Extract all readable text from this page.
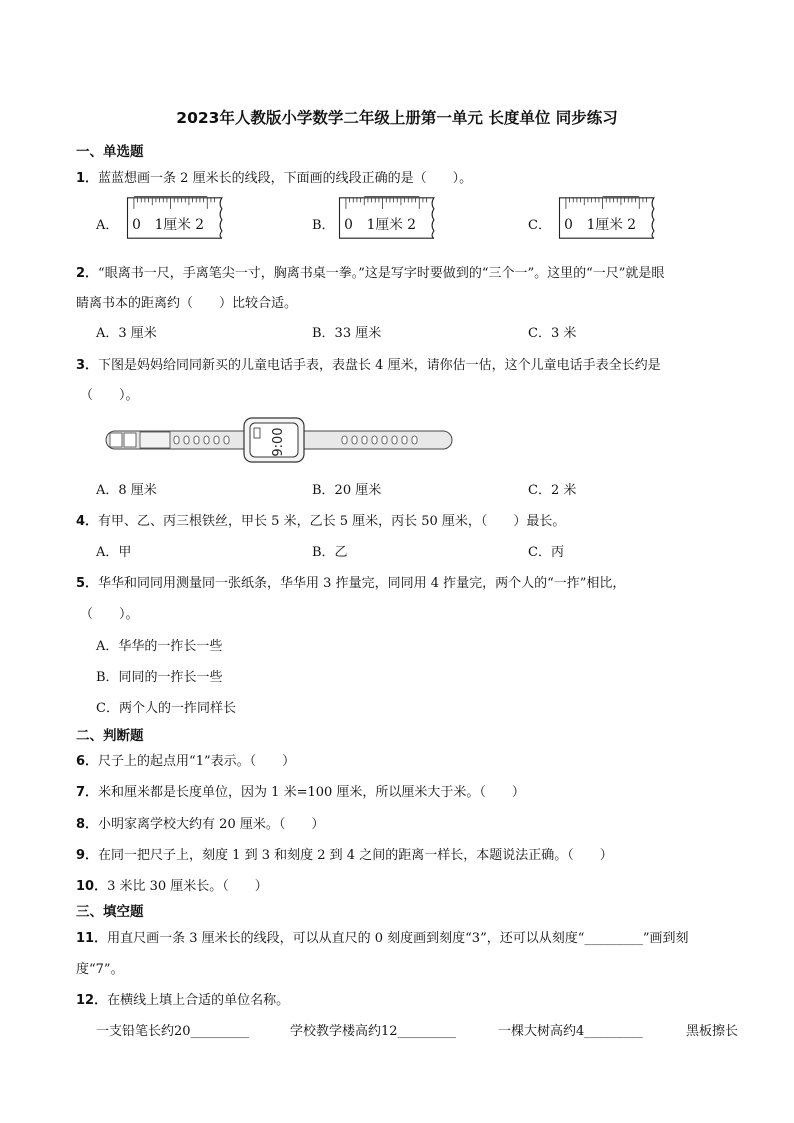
2023年人教版小学数学二年级上册第一单元 长度单位 同步练习
一、单选题
1．蓝蓝想画一条 2 厘米长的线段，下面画的线段正确的是（　　）。
A．	B．	C．
0　1厘米 2	0　1厘米 2	0　1厘米 2
2．“眼离书一尺，手离笔尖一寸，胸离书桌一拳。”这是写字时要做到的“三个一”。这里的“一尺”就是眼
睛离书本的距离约（　　）比较合适。
A．3 厘米	B．33 厘米	C．3 米
3．下图是妈妈给同同新买的儿童电话手表，表盘长 4 厘米，请你估一估，这个儿童电话手表全长约是
（　　）。
9:00
A．8 厘米	B．20 厘米	C．2 米
4．有甲、乙、丙三根铁丝，甲长 5 米，乙长 5 厘米，丙长 50 厘米，（　　）最长。
A．甲	B．乙	C．丙
5．华华和同同用测量同一张纸条，华华用 3 拃量完，同同用 4 拃量完，两个人的“一拃”相比，
（　　）。
A．华华的一拃长一些
B．同同的一拃长一些
C．两个人的一拃同样长
二、判断题
6．尺子上的起点用“1”表示。（　　）
7．米和厘米都是长度单位，因为 1 米=100 厘米，所以厘米大于米。（　　）
8．小明家离学校大约有 20 厘米。（　　）
9．在同一把尺子上，刻度 1 到 3 和刻度 2 到 4 之间的距离一样长，本题说法正确。（　　）
10．3 米比 30 厘米长。（　　）
三、填空题
11．用直尺画一条 3 厘米长的线段，可以从直尺的 0 刻度画到刻度“3”，还可以从刻度“_________”画到刻
度“7”。
12．在横线上填上合适的单位名称。
一支铅笔长约20_________	学校教学楼高约12_________	一棵大树高约4_________	黑板擦长
